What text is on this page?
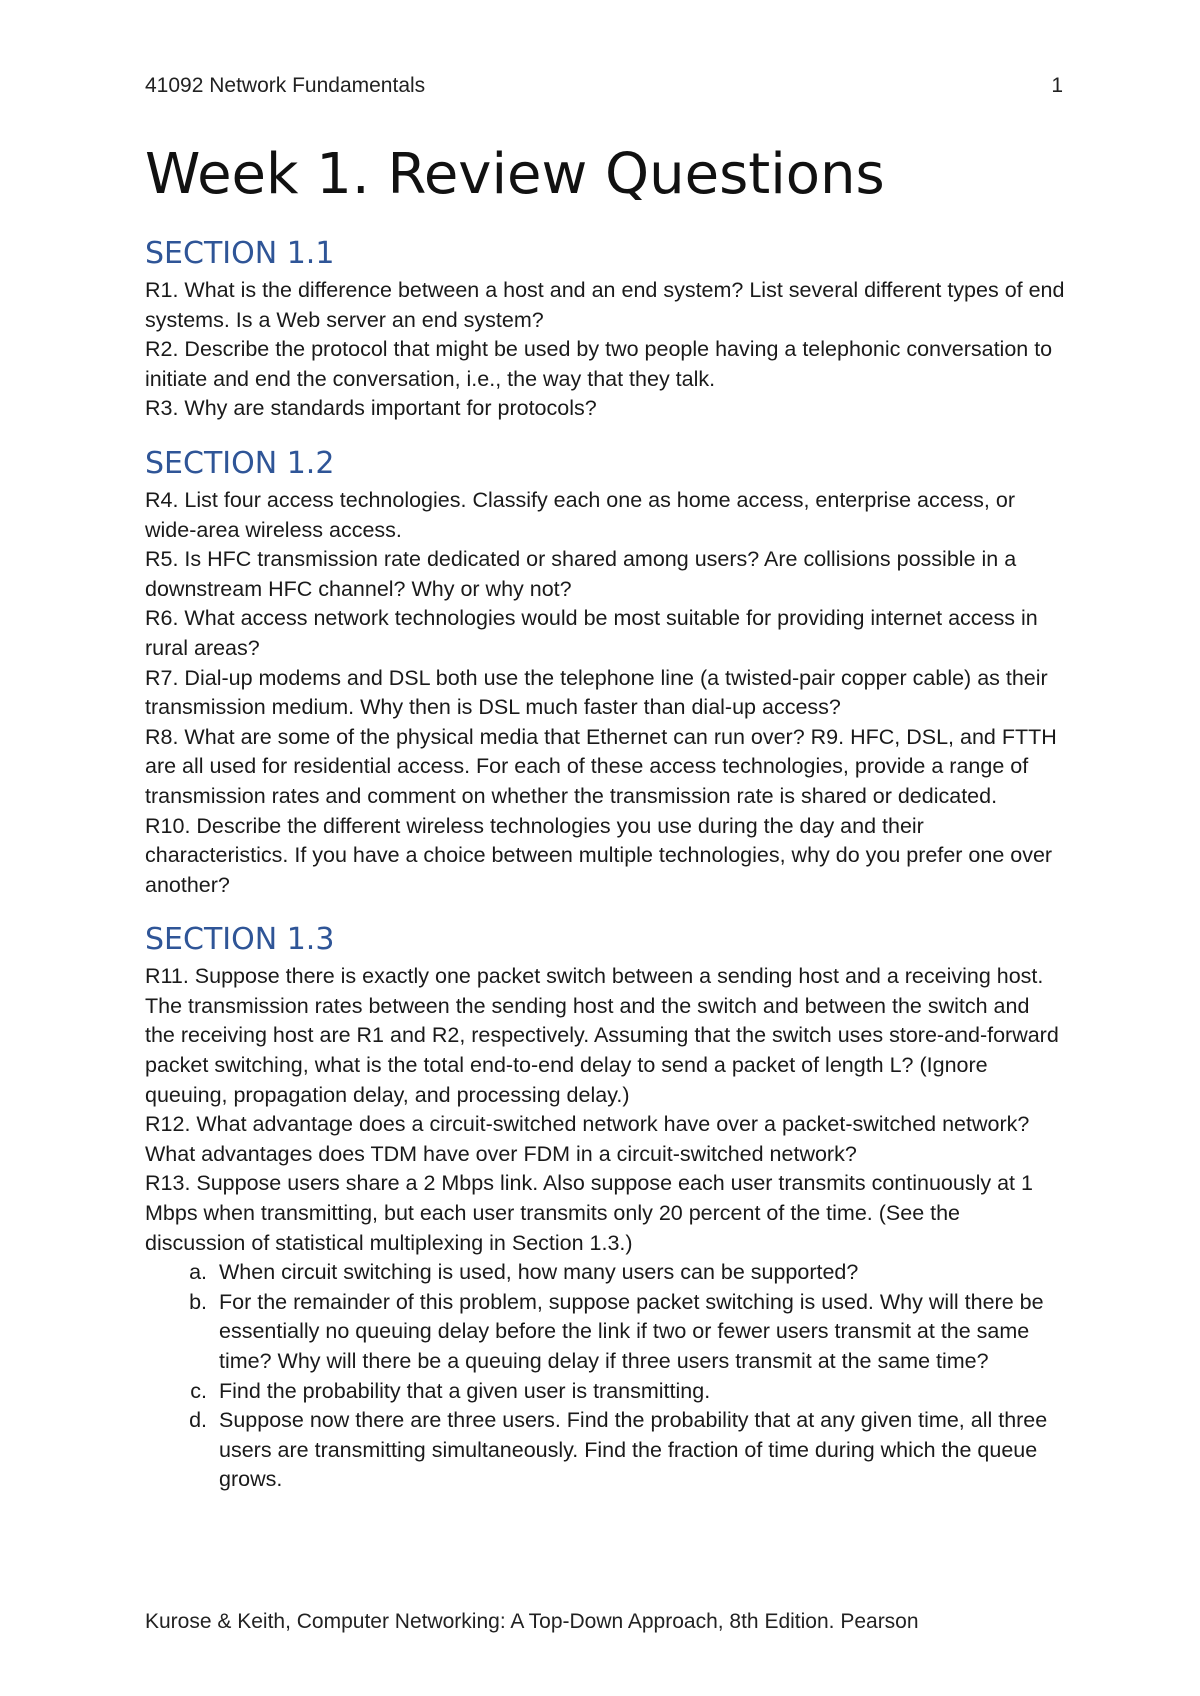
41092 Network Fundamentals	1
Week 1. Review Questions
SECTION 1.1

R1. What is the difference between a host and an end system? List several different types of end systems. Is a Web server an end system?

R2. Describe the protocol that might be used by two people having a telephonic conversation to initiate and end the conversation, i.e., the way that they talk.

R3. Why are standards important for protocols?

SECTION 1.2

R4. List four access technologies. Classify each one as home access, enterprise access, or wide-area wireless access.

R5. Is HFC transmission rate dedicated or shared among users? Are collisions possible in a downstream HFC channel? Why or why not?

R6. What access network technologies would be most suitable for providing internet access in rural areas?

R7. Dial-up modems and DSL both use the telephone line (a twisted-pair copper cable) as their transmission medium. Why then is DSL much faster than dial-up access?

R8. What are some of the physical media that Ethernet can run over? R9. HFC, DSL, and FTTH are all used for residential access. For each of these access technologies, provide a range of transmission rates and comment on whether the transmission rate is shared or dedicated.

R10. Describe the different wireless technologies you use during the day and their characteristics. If you have a choice between multiple technologies, why do you prefer one over another?

SECTION 1.3

R11. Suppose there is exactly one packet switch between a sending host and a receiving host. The transmission rates between the sending host and the switch and between the switch and the receiving host are R1 and R2, respectively. Assuming that the switch uses store-and-forward packet switching, what is the total end-to-end delay to send a packet of length L? (Ignore queuing, propagation delay, and processing delay.)

R12. What advantage does a circuit-switched network have over a packet-switched network? What advantages does TDM have over FDM in a circuit-switched network?

R13. Suppose users share a 2 Mbps link. Also suppose each user transmits continuously at 1 Mbps when transmitting, but each user transmits only 20 percent of the time. (See the discussion of statistical multiplexing in Section 1.3.)

a. When circuit switching is used, how many users can be supported?
b. For the remainder of this problem, suppose packet switching is used. Why will there be essentially no queuing delay before the link if two or fewer users transmit at the same time? Why will there be a queuing delay if three users transmit at the same time?
c. Find the probability that a given user is transmitting.
d. Suppose now there are three users. Find the probability that at any given time, all three users are transmitting simultaneously. Find the fraction of time during which the queue grows.
Kurose & Keith, Computer Networking: A Top-Down Approach, 8th Edition. Pearson
